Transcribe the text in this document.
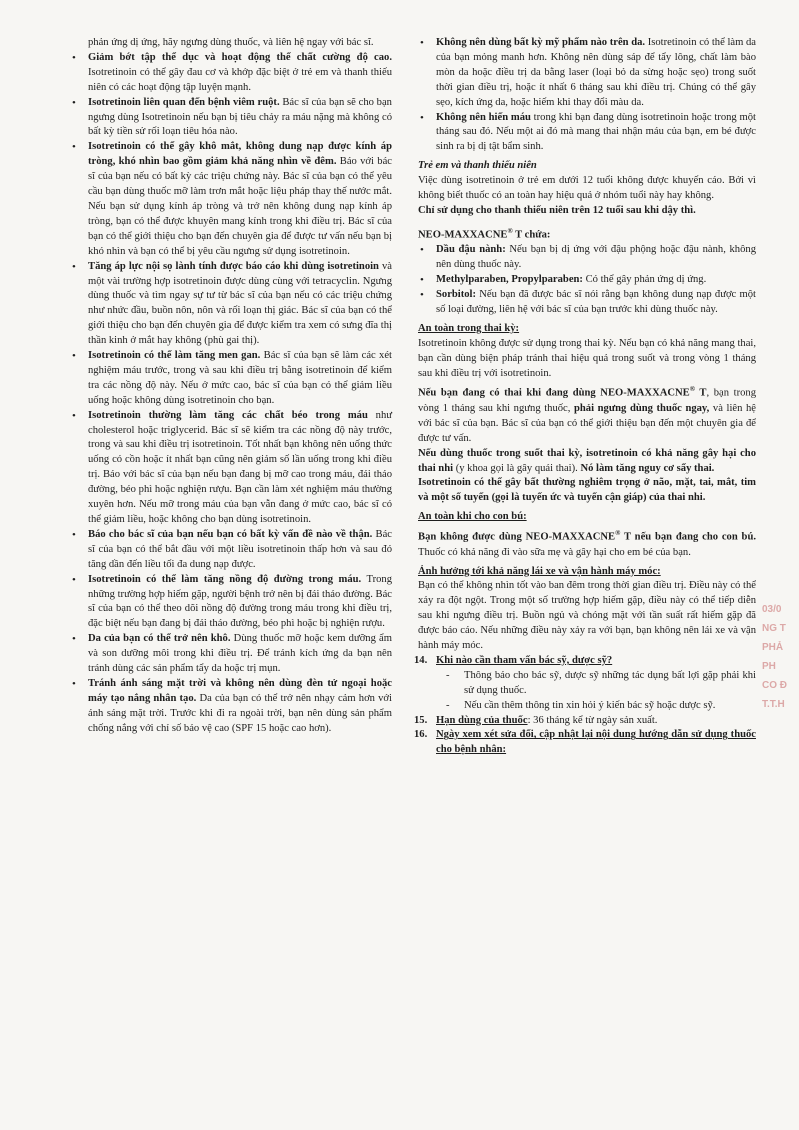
phản ứng dị ứng, hãy ngưng dùng thuốc, và liên hệ ngay với bác sĩ.

• Giảm bớt tập thể dục và hoạt động thể chất cường độ cao. Isotretinoin có thể gây đau cơ và khớp đặc biệt ở trẻ em và thanh thiếu niên có các hoạt động tập luyện mạnh.
• Isotretinoin liên quan đến bệnh viêm ruột. Bác sĩ của bạn sẽ cho bạn ngưng dùng Isotretinoin nếu bạn bị tiêu chảy ra máu nặng mà không có bất kỳ tiền sử rối loạn tiêu hóa nào.
• Isotretinoin có thể gây khô mắt, không dung nạp được kính áp tròng, khó nhìn bao gồm giảm khả năng nhìn về đêm. Báo với bác sĩ của bạn nếu có bất kỳ các triệu chứng này. Bác sĩ của bạn có thể yêu cầu bạn dùng thuốc mỡ làm trơn mắt hoặc liệu pháp thay thế nước mắt. Nếu bạn sử dụng kính áp tròng và trở nên không dung nạp kính áp tròng, bạn có thể được khuyên mang kính trong khi điều trị. Bác sĩ của bạn có thể giới thiệu cho bạn đến chuyên gia để được tư vấn nếu bạn bị khó nhìn và bạn có thể bị yêu cầu ngưng sử dụng isotretinoin.
• Tăng áp lực nội sọ lành tính được báo cáo khi dùng isotretinoin và một vài trường hợp isotretinoin được dùng cùng với tetracyclin. Ngưng dùng thuốc và tìm ngay sự tư từ bác sĩ của bạn nếu có các triệu chứng như nhức đầu, buồn nôn, nôn và rối loạn thị giác. Bác sĩ của bạn có thể giới thiệu cho bạn đến chuyên gia để được kiểm tra xem có sưng đĩa thị thần kinh ở mắt hay không (phù gai thị).
• Isotretinoin có thể làm tăng men gan. Bác sĩ của bạn sẽ làm các xét nghiệm máu trước, trong và sau khi điều trị bằng isotretinoin để kiểm tra các nồng độ này. Nếu ở mức cao, bác sĩ của bạn có thể giảm liều uống hoặc không dùng isotretinoin cho bạn.
• Isotretinoin thường làm tăng các chất béo trong máu như cholesterol hoặc triglycerid. Bác sĩ sẽ kiểm tra các nồng độ này trước, trong và sau khi điều trị isotretinoin. Tốt nhất bạn không nên uống thức uống có cồn hoặc ít nhất bạn cũng nên giảm số lần uống trong khi điều trị. Báo với bác sĩ của bạn nếu bạn đang bị mỡ cao trong máu, đái tháo đường, béo phì hoặc nghiện rượu. Bạn cần làm xét nghiệm máu thường xuyên hơn. Nếu mỡ trong máu của bạn vẫn đang ở mức cao, bác sĩ có thể giảm liều, hoặc không cho bạn dùng isotretinoin.
• Báo cho bác sĩ của bạn nếu bạn có bất kỳ vấn đề nào về thận. Bác sĩ của bạn có thể bắt đầu với một liều isotretinoin thấp hơn và sau đó tăng dần đến liều tối đa dung nạp được.
• Isotretinoin có thể làm tăng nồng độ đường trong máu. Trong những trường hợp hiếm gặp, người bệnh trở nên bị đái tháo đường. Bác sĩ của bạn có thể theo dõi nồng độ đường trong máu trong khi điều trị, đặc biệt nếu bạn đang bị đái tháo đường, béo phì hoặc bị nghiện rượu.
• Da của bạn có thể trở nên khô. Dùng thuốc mỡ hoặc kem dưỡng ẩm và son dưỡng môi trong khi điều trị. Để tránh kích ứng da bạn nên tránh dùng các sản phẩm tẩy da hoặc trị mụn.
• Tránh ánh sáng mặt trời và không nên dùng đèn tử ngoại hoặc máy tạo nắng nhân tạo. Da của bạn có thể trở nên nhạy cảm hơn với ánh sáng mặt trời. Trước khi đi ra ngoài trời, bạn nên dùng sản phẩm chống nắng với chỉ số bảo vệ cao (SPF 15 hoặc cao hơn).
• Không nên dùng bất kỳ mỹ phẩm nào trên da. Isotretinoin có thể làm da của bạn mỏng manh hơn. Không nên dùng sáp để tẩy lông, chất làm bào mòn da hoặc điều trị da bằng laser (loại bỏ da sừng hoặc sẹo) trong suốt thời gian điều trị, hoặc ít nhất 6 tháng sau khi điều trị. Chúng có thể gây sẹo, kích ứng da, hoặc hiếm khi thay đổi màu da.
• Không nên hiến máu trong khi bạn đang dùng isotretinoin hoặc trong một tháng sau đó. Nếu một ai đó mà mang thai nhận máu của bạn, em bé được sinh ra bị dị tật bẩm sinh.

Trẻ em và thanh thiếu niên

Việc dùng isotretinoin ở trẻ em dưới 12 tuổi không được khuyến cáo. Bởi vì không biết thuốc có an toàn hay hiệu quả ở nhóm tuổi này hay không.

Chỉ sử dụng cho thanh thiếu niên trên 12 tuổi sau khi dậy thì.

NEO-MAXXACNE® T chứa:

• Dầu đậu nành: Nếu bạn bị dị ứng với đậu phộng hoặc đậu nành, không nên dùng thuốc này.
• Methylparaben, Propylparaben: Có thể gây phản ứng dị ứng.
• Sorbitol: Nếu bạn đã được bác sĩ nói rằng bạn không dung nạp được một số loại đường, liên hệ với bác sĩ của bạn trước khi dùng thuốc này.

An toàn trong thai kỳ:

Isotretinoin không được sử dụng trong thai kỳ. Nếu bạn có khả năng mang thai, bạn cần dùng biện pháp tránh thai hiệu quả trong suốt và trong vòng 1 tháng sau khi điều trị với isotretinoin.

Nếu bạn đang có thai khi đang dùng NEO-MAXXACNE® T, bạn trong vòng 1 tháng sau khi ngưng thuốc, phải ngưng dùng thuốc ngay, và liên hệ với bác sĩ của bạn. Bác sĩ của bạn có thể giới thiệu bạn đến một chuyên gia để được tư vấn.

Nếu dùng thuốc trong suốt thai kỳ, isotretinoin có khả năng gây hại cho thai nhi (y khoa gọi là gây quái thai). Nó làm tăng nguy cơ sẩy thai.

Isotretinoin có thể gây bất thường nghiêm trọng ở não, mặt, tai, mắt, tim và một số tuyến (gọi là tuyến ức và tuyến cận giáp) của thai nhi.

An toàn khi cho con bú:

Bạn không được dùng NEO-MAXXACNE® T nếu bạn đang cho con bú. Thuốc có khả năng đi vào sữa mẹ và gây hại cho em bé của bạn.

Ảnh hưởng tới khả năng lái xe và vận hành máy móc:

Bạn có thể không nhìn tốt vào ban đêm trong thời gian điều trị. Điều này có thể xảy ra đột ngột. Trong một số trường hợp hiếm gặp, điều này có thể tiếp diễn sau khi ngưng điều trị. Buồn ngủ và chóng mặt với tần suất rất hiếm gặp đã được báo cáo. Nếu những điều này xảy ra với bạn, bạn không nên lái xe và vận hành máy móc.

14. Khi nào cần tham vấn bác sỹ, dược sỹ?
- Thông báo cho bác sỹ, dược sỹ những tác dụng bất lợi gặp phải khi sử dụng thuốc.
- Nếu cần thêm thông tin xin hỏi ý kiến bác sỹ hoặc dược sỹ.
15. Hạn dùng của thuốc: 36 tháng kể từ ngày sản xuất.
16. Ngày xem xét sửa đổi, cập nhật lại nội dung hướng dẫn sử dụng thuốc cho bệnh nhân:
03/0
NG T
PHẢ
PH
CO Đ
T.T.H
